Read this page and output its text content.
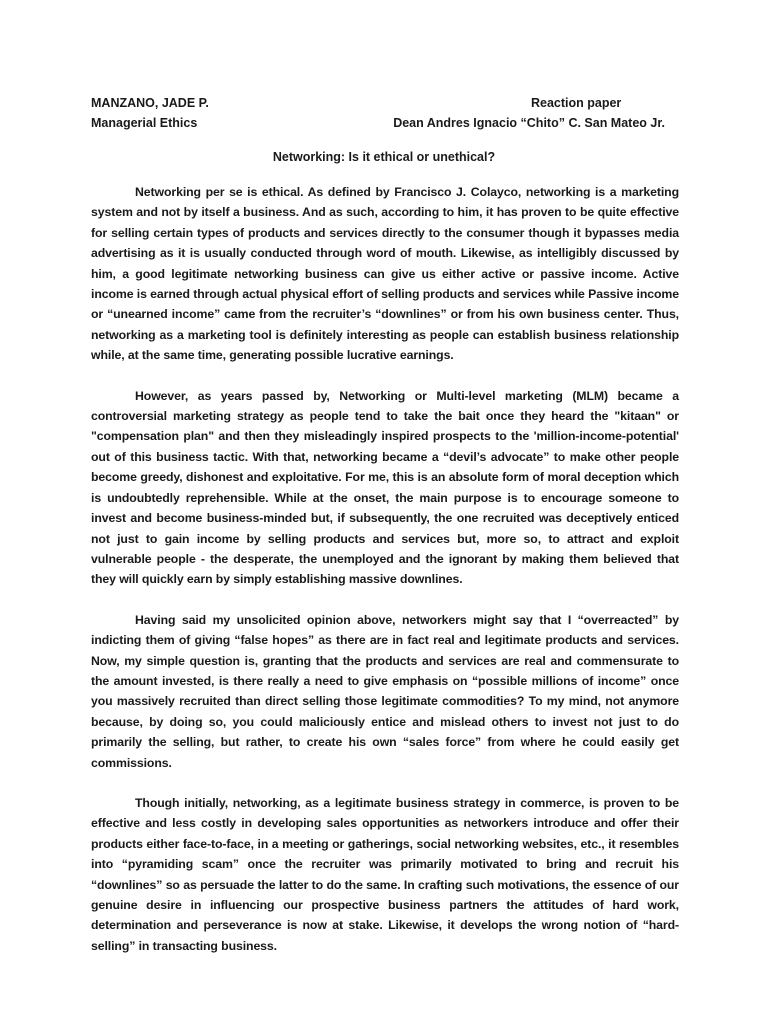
MANZANO, JADE P.	Reaction paper
Managerial Ethics	Dean Andres Ignacio “Chito” C. San Mateo Jr.
Networking: Is it ethical or unethical?

Networking per se is ethical. As defined by Francisco J. Colayco, networking is a marketing system and not by itself a business. And as such, according to him, it has proven to be quite effective for selling certain types of products and services directly to the consumer though it bypasses media advertising as it is usually conducted through word of mouth. Likewise, as intelligibly discussed by him, a good legitimate networking business can give us either active or passive income. Active income is earned through actual physical effort of selling products and services while Passive income or “unearned income” came from the recruiter’s “downlines” or from his own business center. Thus, networking as a marketing tool is definitely interesting as people can establish business relationship while, at the same time, generating possible lucrative earnings.

However, as years passed by, Networking or Multi-level marketing (MLM) became a controversial marketing strategy as people tend to take the bait once they heard the "kitaan" or "compensation plan" and then they misleadingly inspired prospects to the 'million-income-potential' out of this business tactic. With that, networking became a “devil’s advocate” to make other people become greedy, dishonest and exploitative. For me, this is an absolute form of moral deception which is undoubtedly reprehensible. While at the onset, the main purpose is to encourage someone to invest and become business-minded but, if subsequently, the one recruited was deceptively enticed not just to gain income by selling products and services but, more so, to attract and exploit vulnerable people - the desperate, the unemployed and the ignorant by making them believed that they will quickly earn by simply establishing massive downlines.

Having said my unsolicited opinion above, networkers might say that I “overreacted” by indicting them of giving “false hopes” as there are in fact real and legitimate products and services. Now, my simple question is, granting that the products and services are real and commensurate to the amount invested, is there really a need to give emphasis on “possible millions of income” once you massively recruited than direct selling those legitimate commodities? To my mind, not anymore because, by doing so, you could maliciously entice and mislead others to invest not just to do primarily the selling, but rather, to create his own “sales force” from where he could easily get commissions.

Though initially, networking, as a legitimate business strategy in commerce, is proven to be effective and less costly in developing sales opportunities as networkers introduce and offer their products either face-to-face, in a meeting or gatherings, social networking websites, etc., it resembles into “pyramiding scam” once the recruiter was primarily motivated to bring and recruit his “downlines” so as persuade the latter to do the same. In crafting such motivations, the essence of our genuine desire in influencing our prospective business partners the attitudes of hard work, determination and perseverance is now at stake. Likewise, it develops the wrong notion of “hard-selling” in transacting business.
